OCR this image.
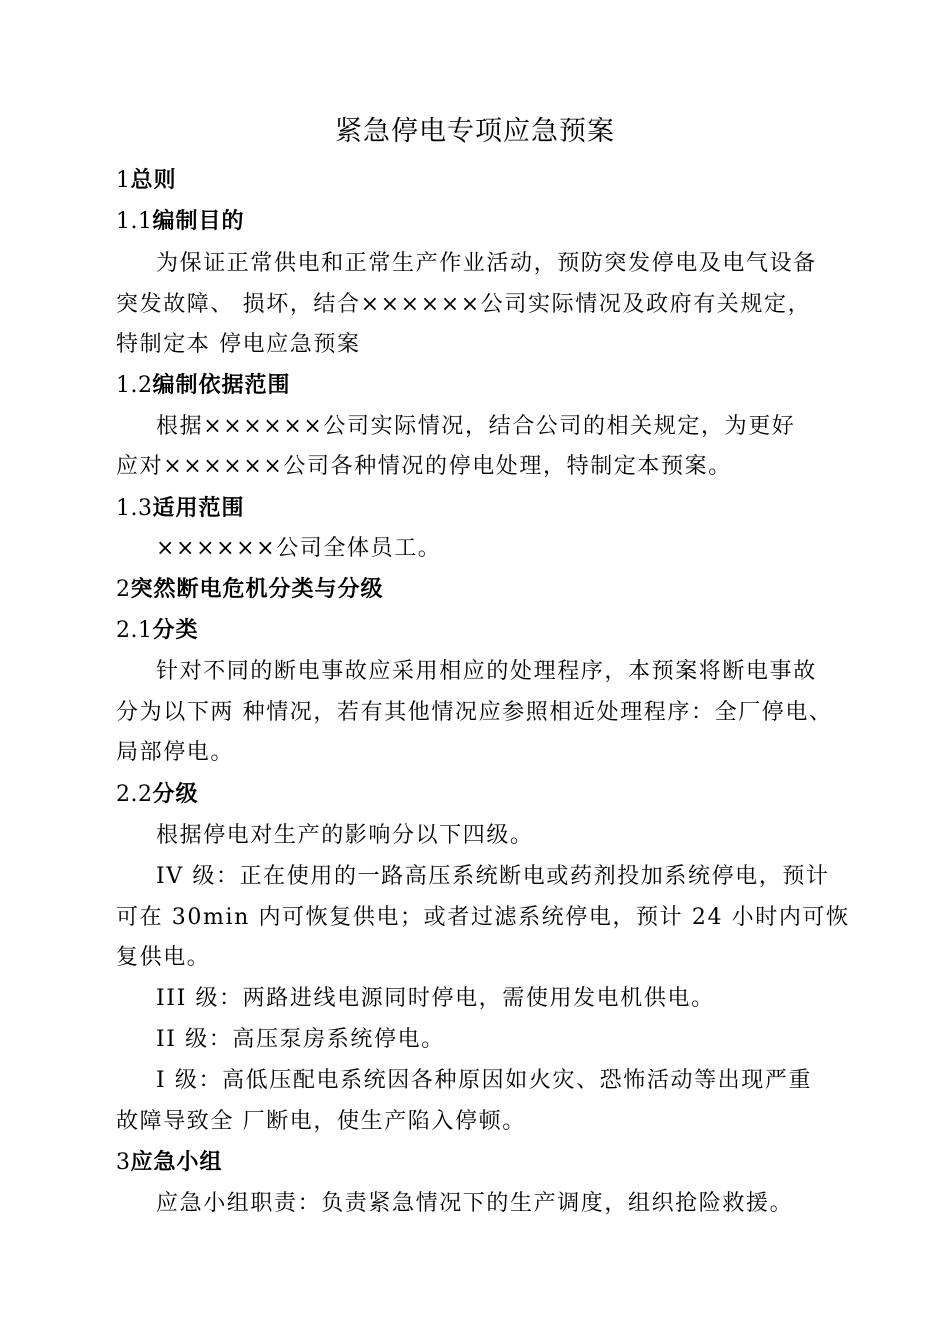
紧急停电专项应急预案
1总则
1.1编制目的
为保证正常供电和正常生产作业活动，预防突发停电及电气设备
突发故障、 损坏，结合××××××公司实际情况及政府有关规定，
特制定本 停电应急预案
1.2编制依据范围
根据××××××公司实际情况，结合公司的相关规定，为更好
应对××××××公司各种情况的停电处理，特制定本预案。
1.3适用范围
××××××公司全体员工。
2突然断电危机分类与分级
2.1分类
针对不同的断电事故应采用相应的处理程序，本预案将断电事故
分为以下两 种情况，若有其他情况应参照相近处理程序：全厂停电、
局部停电。
2.2分级
根据停电对生产的影响分以下四级。
IV 级：正在使用的一路高压系统断电或药剂投加系统停电，预计
可在 30min 内可恢复供电；或者过滤系统停电，预计 24 小时内可恢
复供电。
III 级：两路进线电源同时停电，需使用发电机供电。
II 级：高压泵房系统停电。
I 级：高低压配电系统因各种原因如火灾、恐怖活动等出现严重
故障导致全 厂断电，使生产陷入停顿。
3应急小组
应急小组职责：负责紧急情况下的生产调度，组织抢险救援。
